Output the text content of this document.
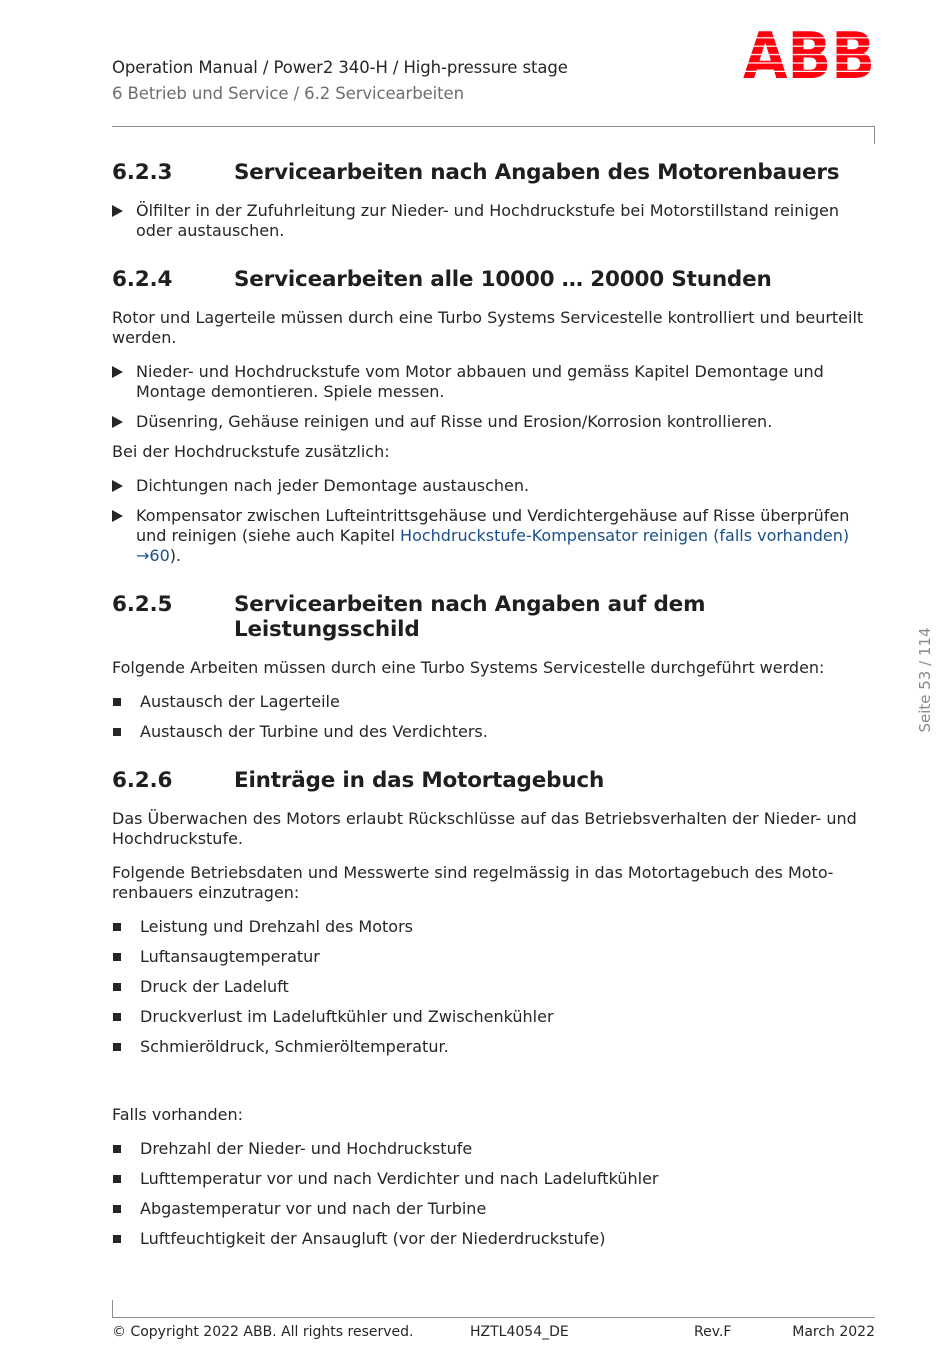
Operation Manual / Power2 340-H / High-pressure stage
6 Betrieb und Service / 6.2 Servicearbeiten	ABB
6.2.3	Servicearbeiten nach Angaben des Motorenbauers
Ölfilter in der Zufuhrleitung zur Nieder- und Hochdruckstufe bei Motorstillstand reinigen oder austauschen.
6.2.4	Servicearbeiten alle 10000 … 20000 Stunden

Rotor und Lagerteile müssen durch eine Turbo Systems Servicestelle kontrolliert und beurteilt werden.

Nieder- und Hochdruckstufe vom Motor abbauen und gemäss Kapitel Demontage und Montage demontieren. Spiele messen.
Düsenring, Gehäuse reinigen und auf Risse und Erosion/Korrosion kontrollieren.

Bei der Hochdruckstufe zusätzlich:

Dichtungen nach jeder Demontage austauschen.
Kompensator zwischen Lufteintrittsgehäuse und Verdichtergehäuse auf Risse überprüfen und reinigen (siehe auch Kapitel Hochdruckstufe-Kompensator reinigen (falls vorhanden) →60).
6.2.5	Servicearbeiten nach Angaben auf dem Leistungsschild

Folgende Arbeiten müssen durch eine Turbo Systems Servicestelle durchgeführt werden:

Austausch der Lagerteile
Austausch der Turbine und des Verdichters.
6.2.6	Einträge in das Motortagebuch

Das Überwachen des Motors erlaubt Rückschlüsse auf das Betriebsverhalten der Nieder- und Hochdruckstufe.

Folgende Betriebsdaten und Messwerte sind regelmässig in das Motortagebuch des Motorenbauers einzutragen:

Leistung und Drehzahl des Motors
Luftansaugtemperatur
Druck der Ladeluft
Druckverlust im Ladeluftkühler und Zwischenkühler
Schmieröldruck, Schmieröltemperatur.

Falls vorhanden:

Drehzahl der Nieder- und Hochdruckstufe
Lufttemperatur vor und nach Verdichter und nach Ladeluftkühler
Abgastemperatur vor und nach der Turbine
Luftfeuchtigkeit der Ansaugluft (vor der Niederdruckstufe)
Seite 53 / 114
© Copyright 2022 ABB. All rights reserved.	HZTL4054_DE	Rev.F	March 2022
